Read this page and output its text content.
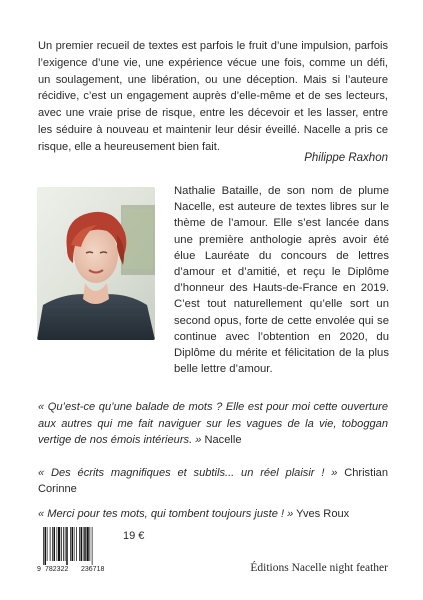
Un premier recueil de textes est parfois le fruit d’une impulsion, parfois l’exigence d’une vie, une expérience vécue une fois, comme un défi, un soulagement, une libération, ou une déception. Mais si l’auteure récidive, c’est un engagement auprès d’elle-même et de ses lecteurs, avec une vraie prise de risque, entre les décevoir et les lasser, entre les séduire à nouveau et maintenir leur désir éveillé. Nacelle a pris ce risque, elle a heureusement bien fait.

Philippe Raxhon

Nathalie Bataille, de son nom de plume Nacelle, est auteure de textes libres sur le thème de l’amour. Elle s’est lancée dans une première anthologie après avoir été élue Lauréate du concours de lettres d’amour et d’amitié, et reçu le Diplôme d’honneur des Hauts-de-France en 2019. C’est tout naturellement qu’elle sort un second opus, forte de cette envolée qui se continue avec l’obtention en 2020, du Diplôme du mérite et félicitation de la plus belle lettre d’amour.

« Qu’est-ce qu’une balade de mots ? Elle est pour moi cette ouverture aux autres qui me fait naviguer sur les vagues de la vie, toboggan vertige de nos émois intérieurs. » Nacelle

« Des écrits magnifiques et subtils... un réel plaisir ! » Christian Corinne

« Merci pour tes mots, qui tombent toujours juste ! » Yves Roux

9 782322 236718
19 €
Éditions Nacelle night feather
